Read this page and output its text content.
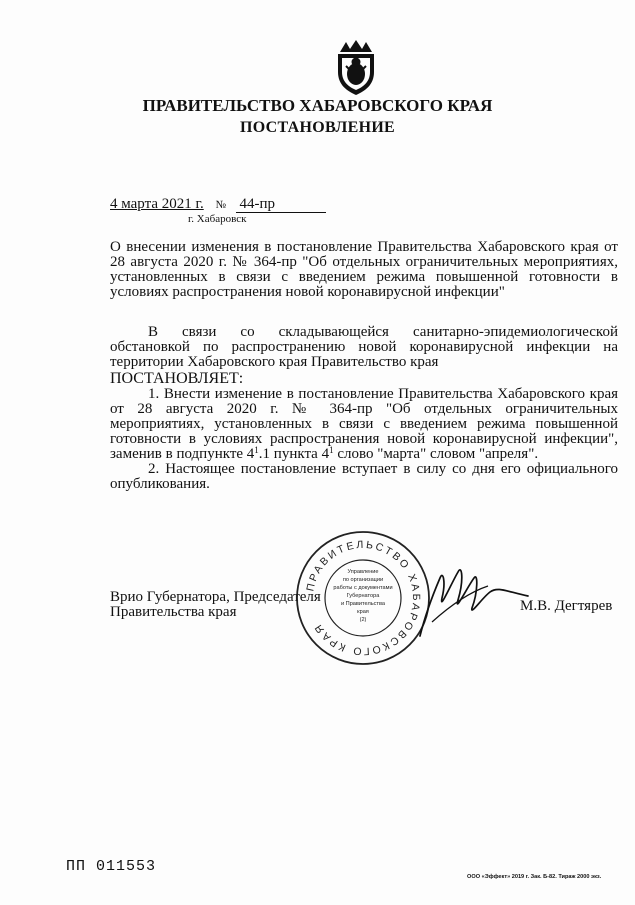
ПРАВИТЕЛЬСТВО ХАБАРОВСКОГО КРАЯ
ПОСТАНОВЛЕНИЕ
4 марта 2021 г. № 44-пр
г. Хабаровск

О внесении изменения в постановление Правительства Хабаровского края от 28 августа 2020 г. № 364-пр "Об отдельных ограничительных мероприятиях, установленных в связи с введением режима повышенной готовности в условиях распространения новой коронавирусной инфекции"

В связи со складывающейся санитарно-эпидемиологической обстановкой по распространению новой коронавирусной инфекции на территории Хабаровского края Правительство края

ПОСТАНОВЛЯЕТ:

1. Внести изменение в постановление Правительства Хабаровского края от 28 августа 2020 г. № 364-пр "Об отдельных ограничительных мероприятиях, установленных в связи с введением режима повышенной готовности в условиях распространения новой коронавирусной инфекции", заменив в подпункте $4^1.1$ пункта $4^1$ слово "марта" словом "апреля".

2. Настоящее постановление вступает в силу со дня его официального опубликования.

Врио Губернатора, Председателя
Правительства края	М.В. Дегтярев
ПРАВИТЕЛЬСТВО ХАБАРОВСКОГО КРАЯ
Управление
по организации
работы с документами
Губернатора
и Правительства
края
(2)
ПП 011553
ООО «Эффект» 2019 г. Зак. Б-82. Тираж 2000 экз.
